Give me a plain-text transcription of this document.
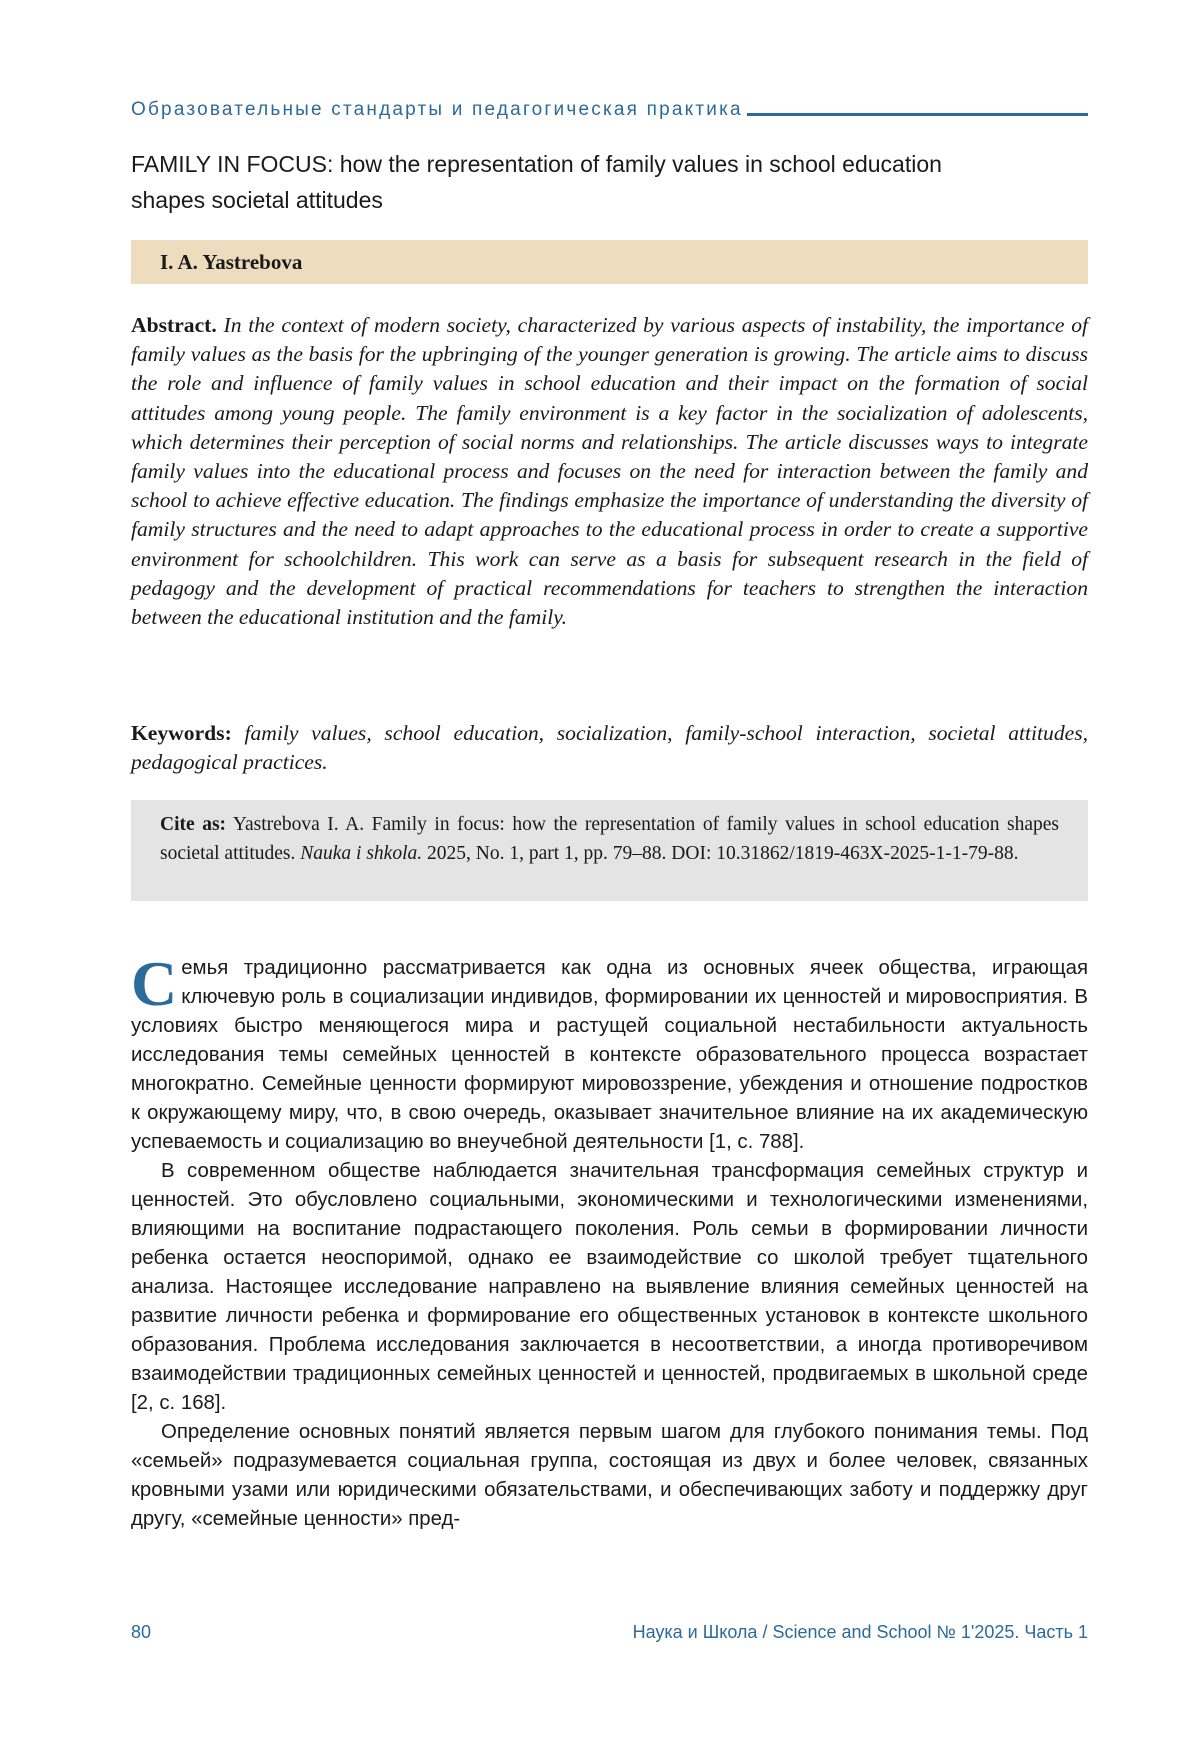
Образовательные стандарты и педагогическая практика
FAMILY IN FOCUS: how the representation of family values in school education shapes societal attitudes
I. A. Yastrebova

Abstract. In the context of modern society, characterized by various aspects of instability, the importance of family values as the basis for the upbringing of the younger generation is growing. The article aims to discuss the role and influence of family values in school education and their impact on the formation of social attitudes among young people. The family environment is a key factor in the socialization of adolescents, which determines their perception of social norms and relationships. The article discusses ways to integrate family values into the educational process and focuses on the need for interaction between the family and school to achieve effective education. The findings emphasize the importance of understanding the diversity of family structures and the need to adapt approaches to the educational process in order to create a supportive environment for schoolchildren. This work can serve as a basis for subsequent research in the field of pedagogy and the development of practical recommendations for teachers to strengthen the interaction between the educational institution and the family.

Keywords: family values, school education, socialization, family-school interaction, societal attitudes, pedagogical practices.

Cite as: Yastrebova I. A. Family in focus: how the representation of family values in school education shapes societal attitudes. Nauka i shkola. 2025, No. 1, part 1, pp. 79–88. DOI: 10.31862/1819-463X-2025-1-1-79-88.

Семья традиционно рассматривается как одна из основных ячеек общества, играющая ключевую роль в социализации индивидов, формировании их ценностей и мировосприятия. В условиях быстро меняющегося мира и растущей социальной нестабильности актуальность исследования темы семейных ценностей в контексте образовательного процесса возрастает многократно. Семейные ценности формируют мировоззрение, убеждения и отношение подростков к окружающему миру, что, в свою очередь, оказывает значительное влияние на их академическую успеваемость и социализацию во внеучебной деятельности [1, с. 788].

В современном обществе наблюдается значительная трансформация семейных структур и ценностей. Это обусловлено социальными, экономическими и технологическими изменениями, влияющими на воспитание подрастающего поколения. Роль семьи в формировании личности ребенка остается неоспоримой, однако ее взаимодействие со школой требует тщательного анализа. Настоящее исследование направлено на выявление влияния семейных ценностей на развитие личности ребенка и формирование его общественных установок в контексте школьного образования. Проблема исследования заключается в несоответствии, а иногда противоречивом взаимодействии традиционных семейных ценностей и ценностей, продвигаемых в школьной среде [2, с. 168].

Определение основных понятий является первым шагом для глубокого понимания темы. Под «семьей» подразумевается социальная группа, состоящая из двух и более человек, связанных кровными узами или юридическими обязательствами, и обеспечивающих заботу и поддержку друг другу, «семейные ценности» пред-

80	Наука и Школа / Science and School № 1'2025. Часть 1
